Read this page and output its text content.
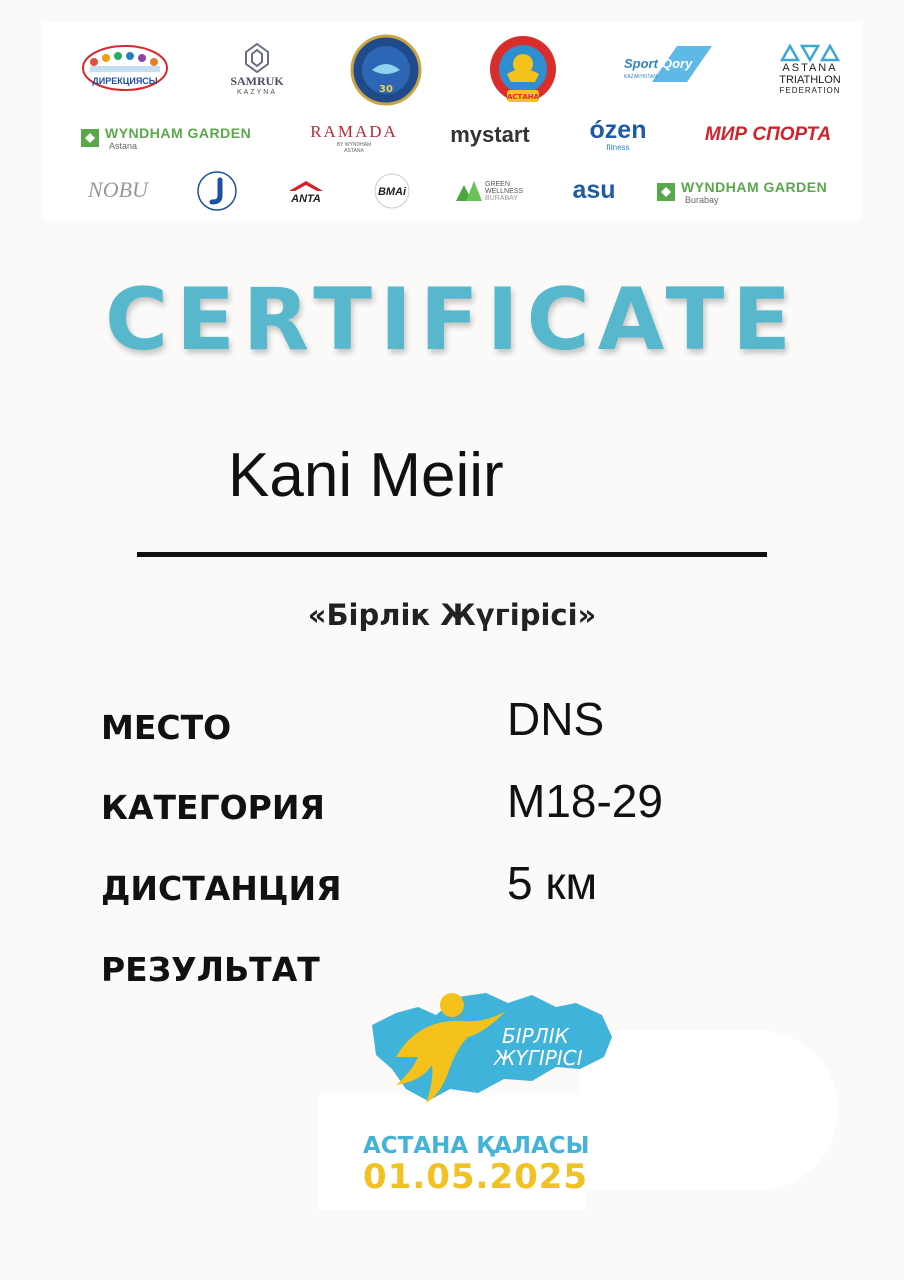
ДИРЕКЦИЯСЫ	SAMRUK
KAZYNA	30
АСТАНА
Sport Qory
KAZAKHSTAN
ASTANA
TRIATHLON
FEDERATION
WYNDHAM GARDEN
Astana
RAMADA
BY WYNDHAM
ASTANA
mystart ózen
fitness
МИР СПОРТА
NOBU	ANTA
BMAi
GREEN
WELLNESS
BURABAY asu	WYNDHAM GARDEN
Burabay
CERTIFICATE
Kani Meiir
«Бірлік Жүгірісі»
МЕСТО	DNS
КАТЕГОРИЯ	M18-29
ДИСТАНЦИЯ	5 км
РЕЗУЛЬТАТ
БІРЛІК
ЖҮГІРІСІ
АСТАНА ҚАЛАСЫ
01.05.2025
